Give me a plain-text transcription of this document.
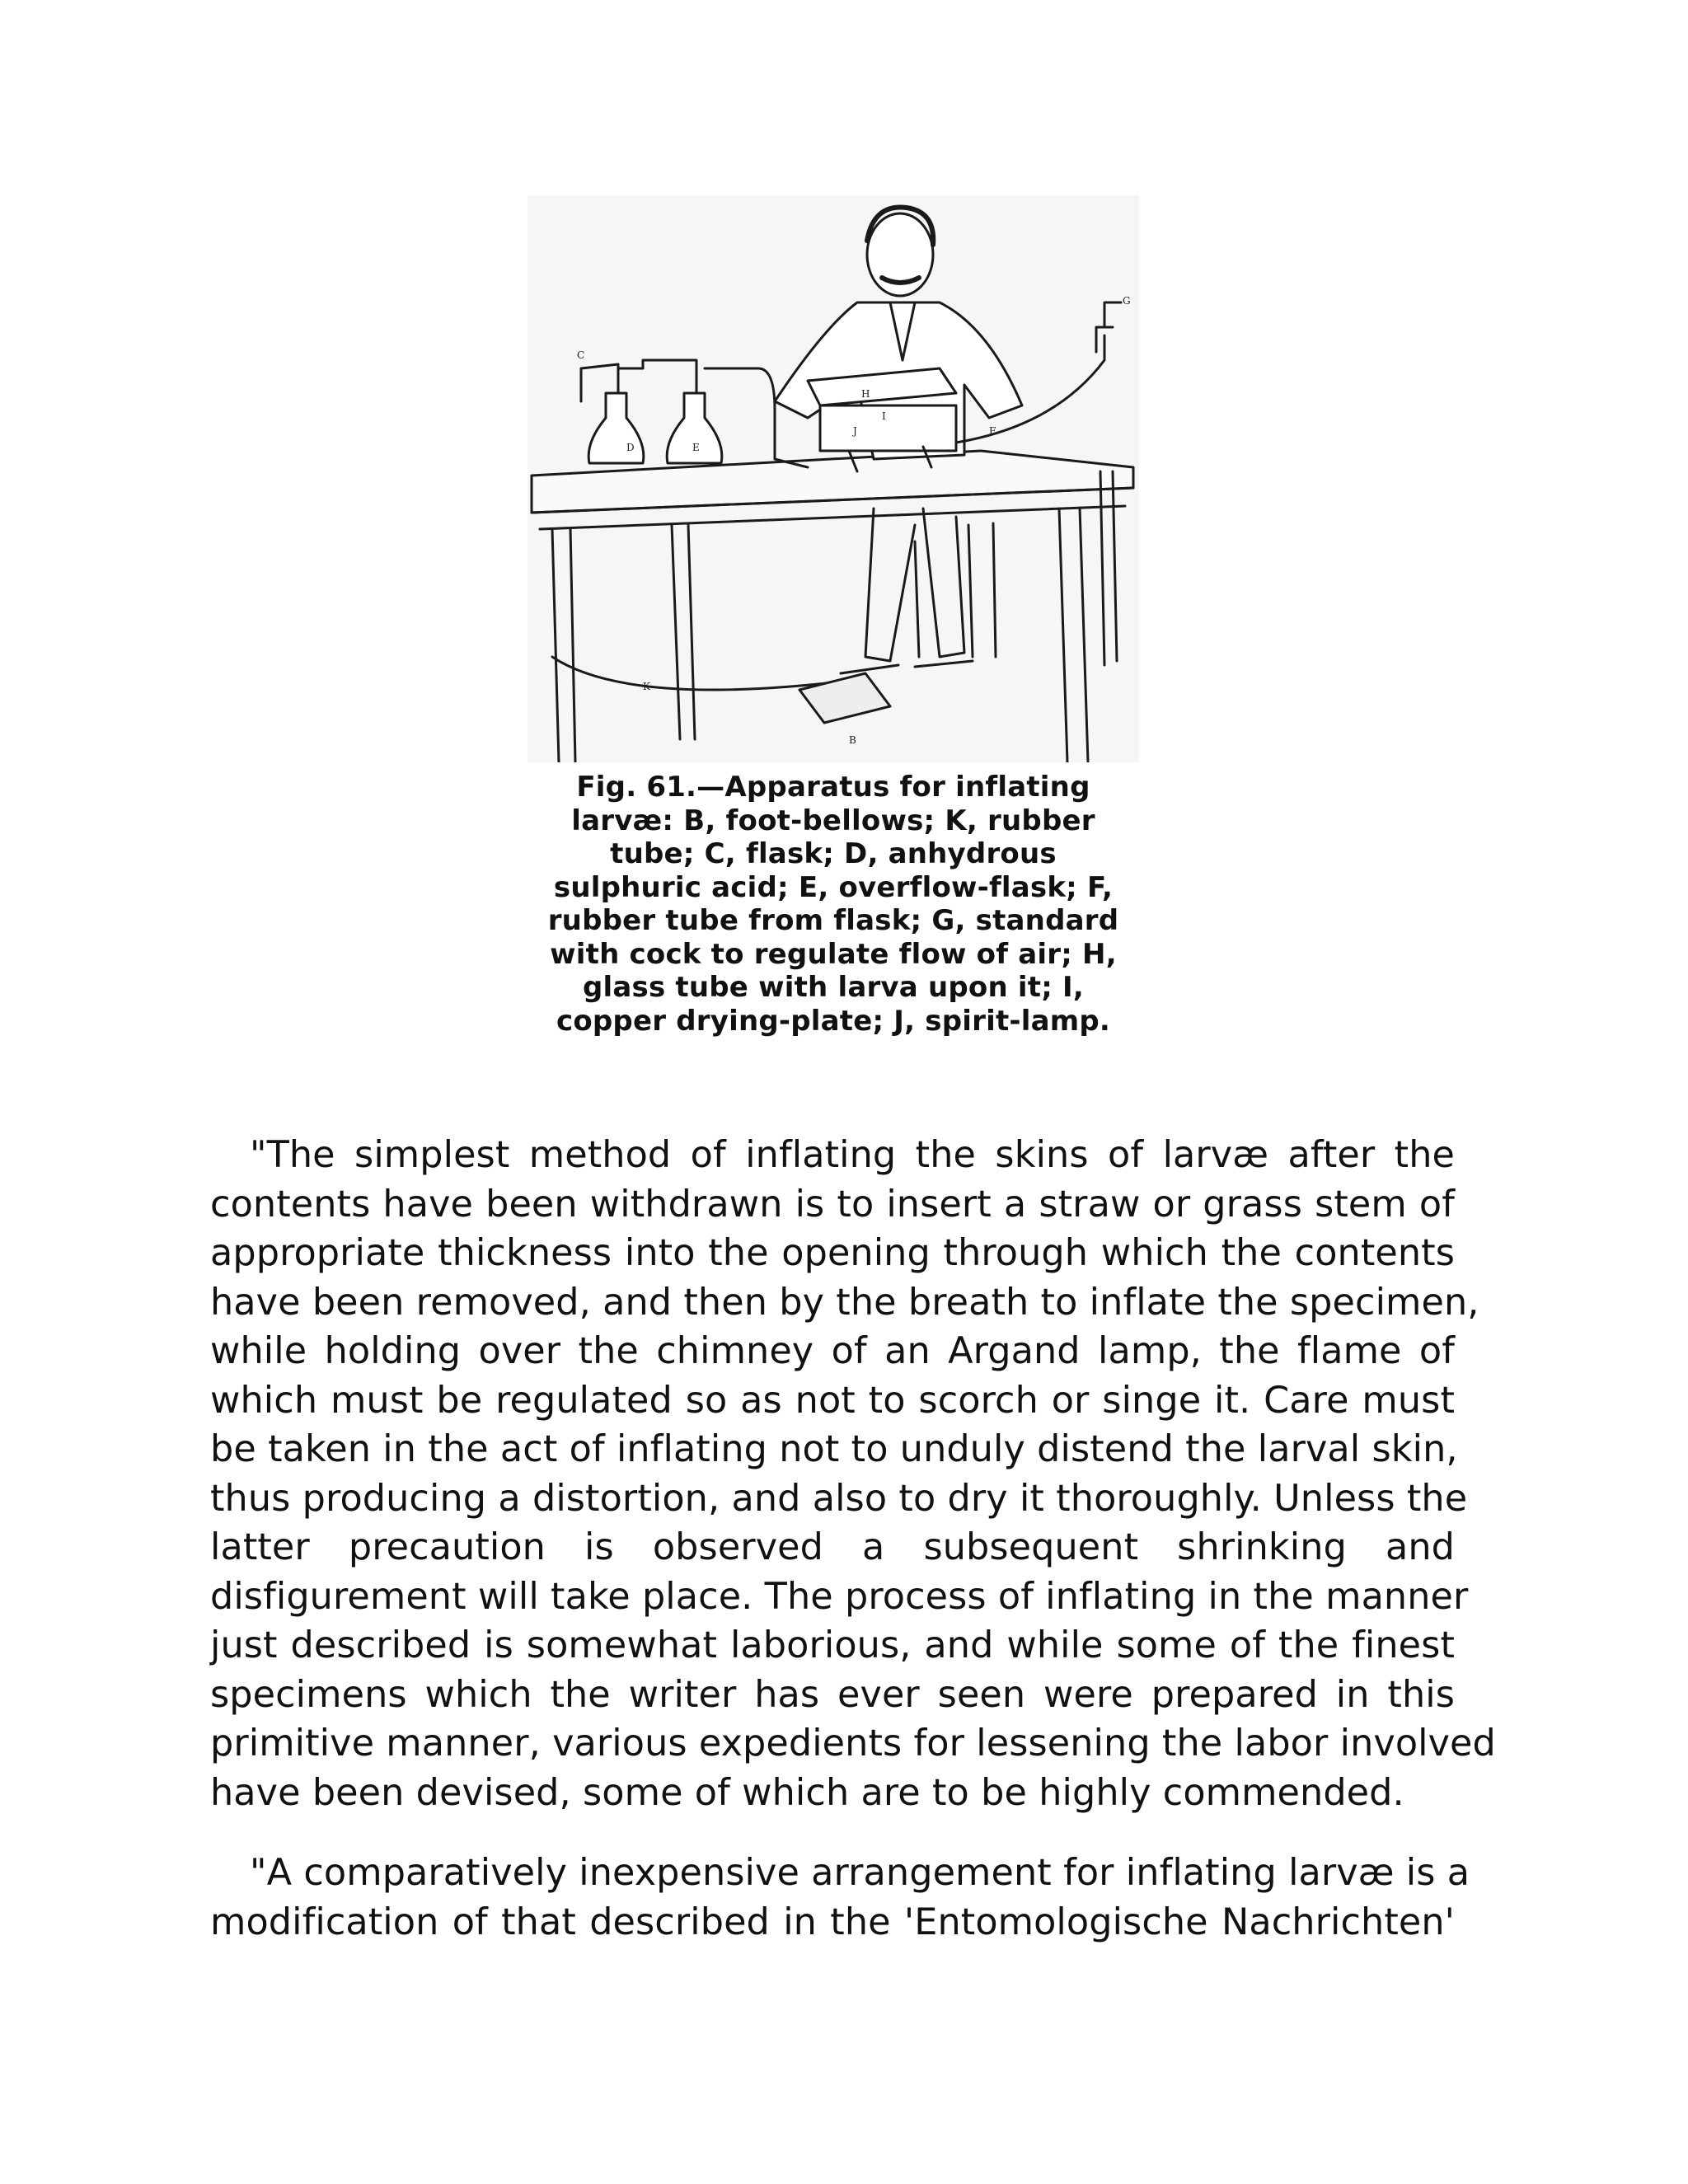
C
G
D	E
F
H
I
J
K
B
Fig. 61.—Apparatus for inflating
larvæ: B, foot-bellows; K, rubber
tube; C, flask; D, anhydrous
sulphuric acid; E, overflow-flask; F,
rubber tube from flask; G, standard
with cock to regulate flow of air; H,
glass tube with larva upon it; I,
copper drying-plate; J, spirit-lamp.
"The simplest method of inflating the skins of larvæ after the
contents have been withdrawn is to insert a straw or grass stem of
appropriate thickness into the opening through which the contents
have been removed, and then by the breath to inflate the specimen,
while holding over the chimney of an Argand lamp, the flame of
which must be regulated so as not to scorch or singe it. Care must
be taken in the act of inflating not to unduly distend the larval skin,
thus producing a distortion, and also to dry it thoroughly. Unless the
latter precaution is observed a subsequent shrinking and
disfigurement will take place. The process of inflating in the manner
just described is somewhat laborious, and while some of the finest
specimens which the writer has ever seen were prepared in this
primitive manner, various expedients for lessening the labor involved
have been devised, some of which are to be highly commended.
"A comparatively inexpensive arrangement for inflating larvæ is a
modification of that described in the 'Entomologische Nachrichten'
